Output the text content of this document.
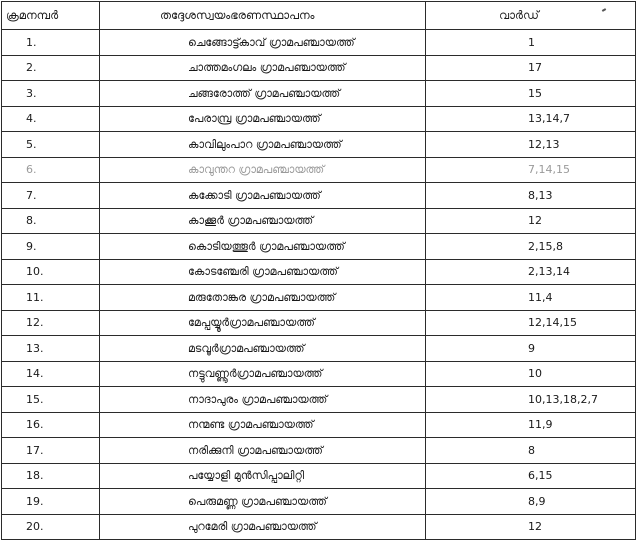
ക്രമനമ്പർ	തദ്ദേശസ്വയംഭരണസ്ഥാപനം	വാർഡ്
1.	ചെങ്ങോട്ട്കാവ് ഗ്രാമപഞ്ചായത്ത്	1
2.	ചാത്തമംഗലം ഗ്രാമപഞ്ചായത്ത്	17
3.	ചങ്ങരോത്ത് ഗ്രാമപഞ്ചായത്ത്	15
4.	പേരാമ്പ്ര ഗ്രാമപഞ്ചായത്ത്	13,14,7
5.	കാവിലുംപാറ ഗ്രാമപഞ്ചായത്ത്	12,13
6.	കാവുന്തറ ഗ്രാമപഞ്ചായത്ത്	7,14,15
7.	കക്കോടി ഗ്രാമപഞ്ചായത്ത്	8,13
8.	കാക്കൂർ ഗ്രാമപഞ്ചായത്ത്	12
9.	കൊടിയത്തൂർ ഗ്രാമപഞ്ചായത്ത്	2,15,8
10.	കോടഞ്ചേരി ഗ്രാമപഞ്ചായത്ത്	2,13,14
11.	മരുതോങ്കര ഗ്രാമപഞ്ചായത്ത്	11,4
12.	മേപ്പയ്യൂർഗ്രാമപഞ്ചായത്ത്	12,14,15
13.	മടവൂർഗ്രാമപഞ്ചായത്ത്	9
14.	നട്ടുവണ്ണൂർഗ്രാമപഞ്ചായത്ത്	10
15.	നാദാപുരം ഗ്രാമപഞ്ചായത്ത്	10,13,18,2,7
16.	നന്മണ്ട ഗ്രാമപഞ്ചായത്ത്	11,9
17.	നരിക്കുനി ഗ്രാമപഞ്ചായത്ത്	8
18.	പയ്യോളി മുൻസിപ്പാലിറ്റി	6,15
19.	പെരുമണ്ണ ഗ്രാമപഞ്ചായത്ത്	8,9
20.	പുറമേരി ഗ്രാമപഞ്ചായത്ത്	12
